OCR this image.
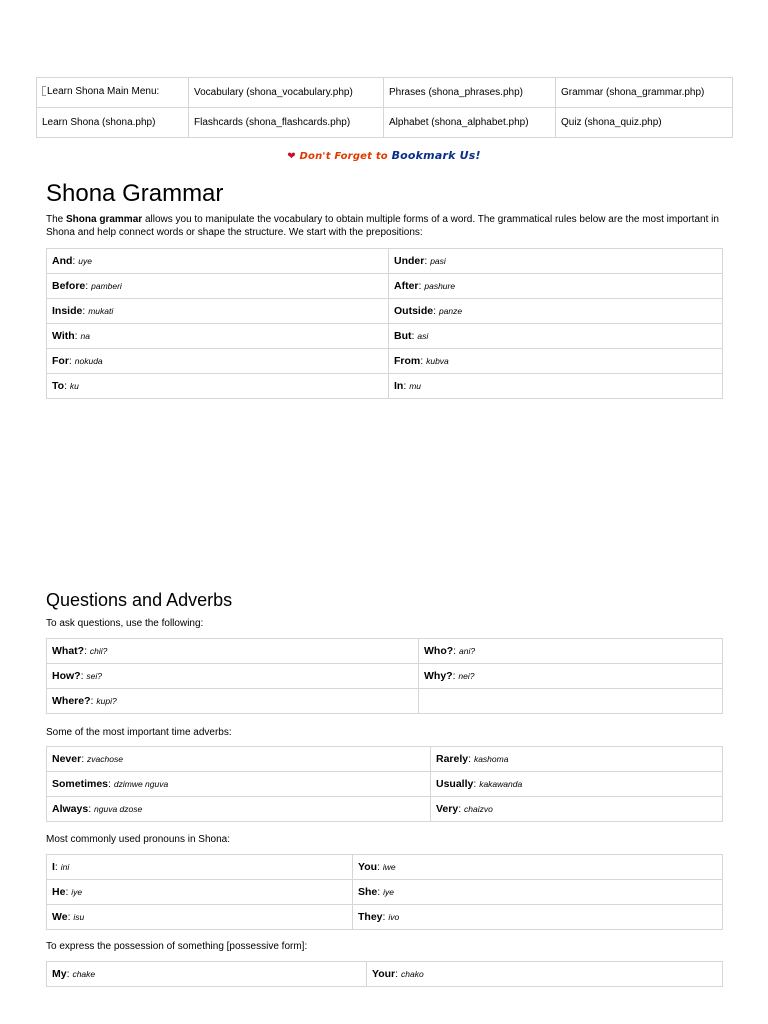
Learn Shona Main Menu:	Vocabulary (shona_vocabulary.php)	Phrases (shona_phrases.php)	Grammar (shona_grammar.php)
Learn Shona (shona.php)	Flashcards (shona_flashcards.php)	Alphabet (shona_alphabet.php)	Quiz (shona_quiz.php)
❤ Don't Forget to Bookmark Us!
Shona Grammar

The Shona grammar allows you to manipulate the vocabulary to obtain multiple forms of a word. The grammatical rules below are the most important in Shona and help connect words or shape the structure. We start with the prepositions:

And: uye	Under: pasi
Before: pamberi	After: pashure
Inside: mukati	Outside: panze
With: na	But: asi
For: nokuda	From: kubva
To: ku	In: mu
Questions and Adverbs

To ask questions, use the following:

What?: chii?	Who?: ani?
How?: sei?	Why?: nei?
Where?: kupi?	

Some of the most important time adverbs:

Never: zvachose	Rarely: kashoma
Sometimes: dzimwe nguva	Usually: kakawanda
Always: nguva dzose	Very: chaizvo

Most commonly used pronouns in Shona:

I: ini	You: iwe
He: iye	She: iye
We: isu	They: ivo

To express the possession of something [possessive form]:

My: chake	Your: chako
